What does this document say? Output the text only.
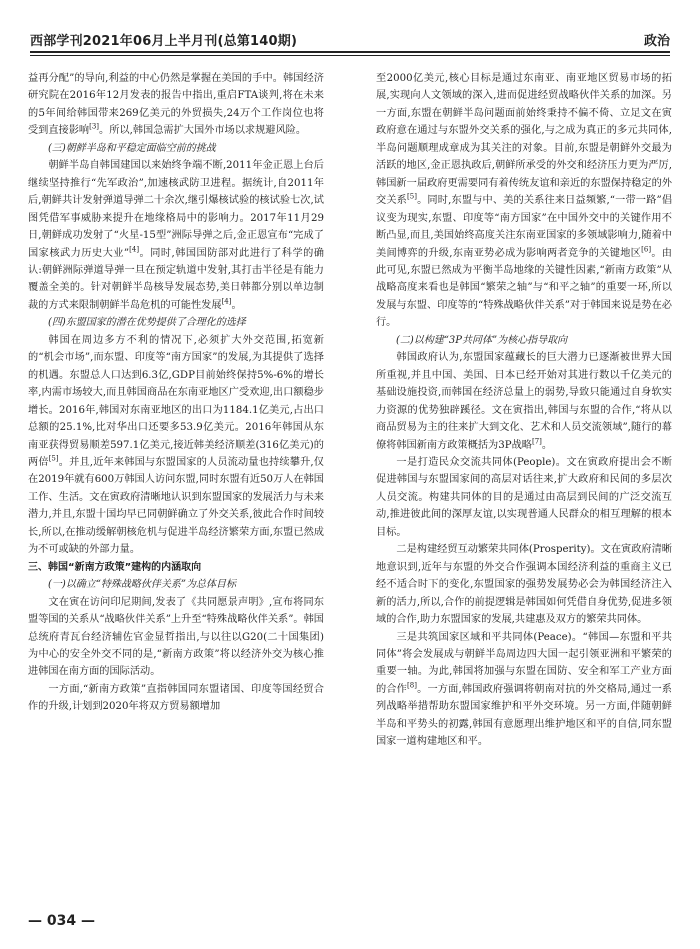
西部学刊2021年06月上半月刊(总第140期)	政治

益再分配”的导向,利益的中心仍然是掌握在美国的手中。韩国经济研究院在2016年12月发表的报告中指出,重启FTA谈判,将在未来的5年间给韩国带来269亿美元的外贸损失,24万个工作岗位也将受到直接影响[3]。所以,韩国急需扩大国外市场以求规避风险。

(三)朝鲜半岛和平稳定面临空前的挑战

朝鲜半岛自韩国建国以来始终争端不断,2011年金正恩上台后继续坚持推行“先军政治”,加速核武防卫进程。据统计,自2011年后,朝鲜共计发射弹道导弹二十余次,继引爆核试验的核试验七次,试图凭借军事威胁来提升在地缘格局中的影响力。2017年11月29日,朝鲜成功发射了“火星-15型”洲际导弹之后,金正恩宣布“完成了国家核武力历史大业”[4]。同时,韩国国防部对此进行了科学的确认:朝鲜洲际弹道导弹一旦在预定轨道中发射,其打击半径是有能力覆盖全美的。针对朝鲜半岛核导发展态势,美日韩都分别以单边制裁的方式来限制朝鲜半岛危机的可能性发展[4]。

(四)东盟国家的潜在优势提供了合理化的选择

韩国在周边多方不利的情况下,必须扩大外交范围,拓宽新的“机会市场”,而东盟、印度等“南方国家”的发展,为其提供了选择的机遇。东盟总人口达到6.3亿,GDP目前始终保持5%-6%的增长率,内需市场较大,而且韩国商品在东南亚地区广受欢迎,出口额稳步增长。2016年,韩国对东南亚地区的出口为1184.1亿美元,占出口总额的25.1%,比对华出口还要多53.9亿美元。2016年韩国从东南亚获得贸易顺差597.1亿美元,接近韩美经济顺差(316亿美元)的两倍[5]。并且,近年来韩国与东盟国家的人员流动量也持续攀升,仅在2019年就有600万韩国人访问东盟,同时东盟有近50万人在韩国工作、生活。文在寅政府清晰地认识到东盟国家的发展活力与未来潜力,并且,东盟十国均早已同朝鲜确立了外交关系,彼此合作时间较长,所以,在推动缓解朝核危机与促进半岛经济繁荣方面,东盟已然成为不可或缺的外部力量。

三、韩国“新南方政策”建构的内涵取向

(一)以确立“特殊战略伙伴关系”为总体目标

文在寅在访问印尼期间,发表了《共同愿景声明》,宣布将同东盟等国的关系从“战略伙伴关系”上升至“特殊战略伙伴关系”。韩国总统府青瓦台经济辅佐官金显哲指出,与以往以G20(二十国集团)为中心的安全外交不同的是,“新南方政策”将以经济外交为核心推进韩国在南方面的国际活动。

一方面,“新南方政策”直指韩国同东盟诸国、印度等国经贸合作的升级,计划到2020年将双方贸易额增加

至2000亿美元,核心目标是通过东南亚、南亚地区贸易市场的拓展,实现向人文领域的深入,进而促进经贸战略伙伴关系的加深。另一方面,东盟在朝鲜半岛问题面前始终秉持不偏不倚、立足文在寅政府意在通过与东盟外交关系的强化,与之成为真正的多元共同体,半岛问题顺理成章成为其关注的对象。目前,东盟是朝鲜外交最为活跃的地区,金正恩执政后,朝鲜所承受的外交和经济压力更为严厉,韩国新一届政府更需要同有着传统友谊和亲近的东盟保持稳定的外交关系[5]。同时,东盟与中、美的关系往来日益频繁,“一带一路”倡议变为现实,东盟、印度等“南方国家”在中国外交中的关键作用不断凸显,而且,美国始终高度关注东南亚国家的多领域影响力,随着中美间博弈的升级,东南亚势必成为影响两者竞争的关键地区[6]。由此可见,东盟已然成为平衡半岛地缘的关键性因素,“新南方政策”从战略高度来看也是韩国“繁荣之轴”与“和平之轴”的重要一环,所以发展与东盟、印度等的“特殊战略伙伴关系”对于韩国来说是势在必行。

(二)以构建“3P共同体”为核心指导取向

韩国政府认为,东盟国家蕴藏长的巨大潜力已逐渐被世界大国所重视,并且中国、美国、日本已经开始对其进行数以千亿美元的基础设施投资,而韩国在经济总量上的弱势,导致只能通过自身软实力资源的优势独辟蹊径。文在寅指出,韩国与东盟的合作,“将从以商品贸易为主的往来扩大到文化、艺术和人员交流领域”,随行的幕僚将韩国新南方政策概括为3P战略[7]。

一是打造民众交流共同体(People)。文在寅政府提出会不断促进韩国与东盟国家间的高层对话往来,扩大政府和民间的多层次人员交流。构建共同体的目的是通过由高层到民间的广泛交流互动,推进彼此间的深厚友谊,以实现普通人民群众的相互理解的根本目标。

二是构建经贸互动繁荣共同体(Prosperity)。文在寅政府清晰地意识到,近年与东盟的外交合作强调本国经济利益的重商主义已经不适合时下的变化,东盟国家的强势发展势必会为韩国经济注入新的活力,所以,合作的前提逻辑是韩国如何凭借自身优势,促进多领域的合作,助力东盟国家的发展,共建惠及双方的繁荣共同体。

三是共筑国家区域和平共同体(Peace)。“韩国—东盟和平共同体”将会发展成与朝鲜半岛周边四大国一起引领亚洲和平繁荣的重要一轴。为此,韩国将加强与东盟在国防、安全和军工产业方面的合作[8]。一方面,韩国政府强调将朝南对抗的外交格局,通过一系列战略举措帮助东盟国家维护和平外交环境。另一方面,伴随朝鲜半岛和平势头的初露,韩国有意愿理出维护地区和平的自信,同东盟国家一道构建地区和平。

— 034 —
